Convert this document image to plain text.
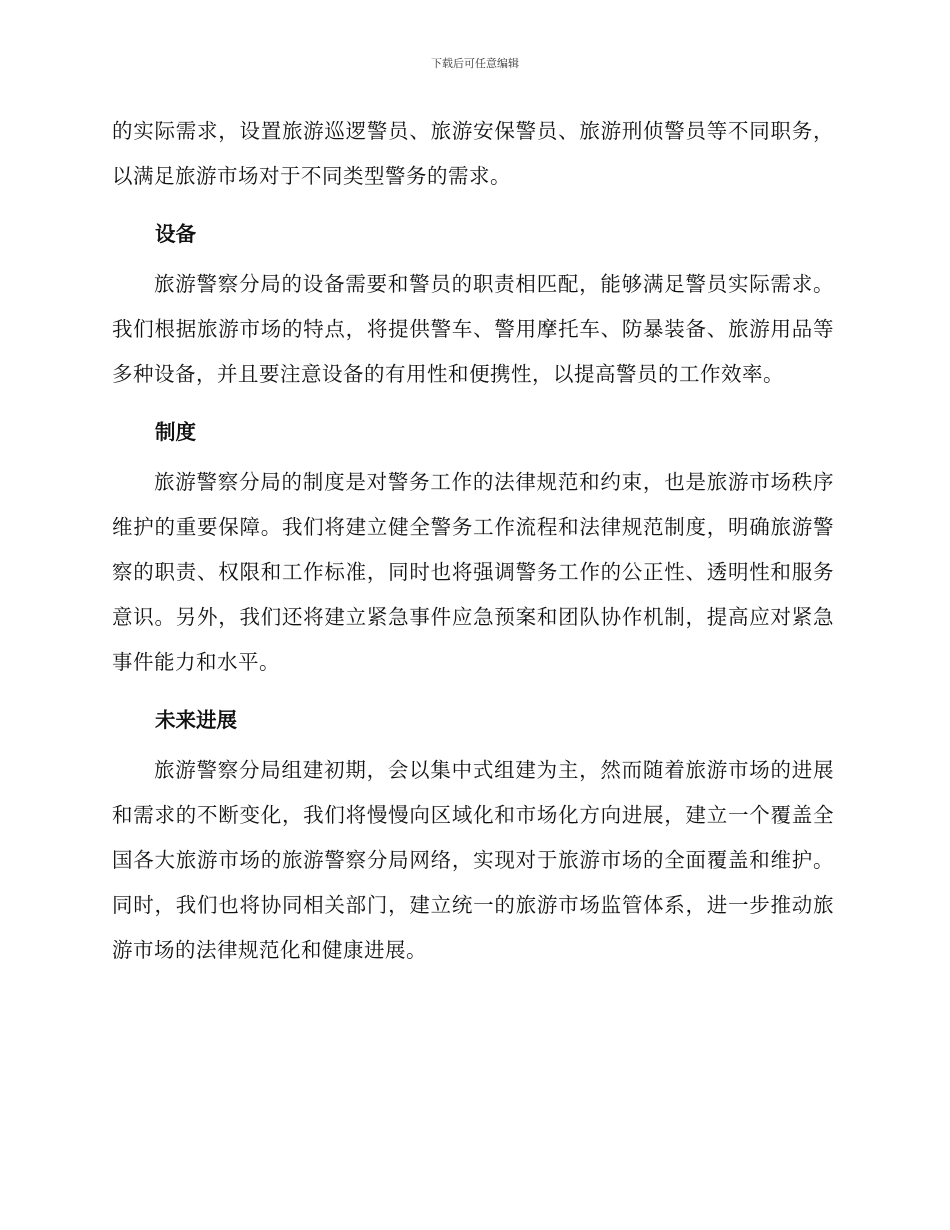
下载后可任意编辑

的实际需求，设置旅游巡逻警员、旅游安保警员、旅游刑侦警员等不同职务，以满足旅游市场对于不同类型警务的需求。

设备

旅游警察分局的设备需要和警员的职责相匹配，能够满足警员实际需求。我们根据旅游市场的特点，将提供警车、警用摩托车、防暴装备、旅游用品等多种设备，并且要注意设备的有用性和便携性，以提高警员的工作效率。

制度

旅游警察分局的制度是对警务工作的法律规范和约束，也是旅游市场秩序维护的重要保障。我们将建立健全警务工作流程和法律规范制度，明确旅游警察的职责、权限和工作标准，同时也将强调警务工作的公正性、透明性和服务意识。另外，我们还将建立紧急事件应急预案和团队协作机制，提高应对紧急事件能力和水平。

未来进展

旅游警察分局组建初期，会以集中式组建为主，然而随着旅游市场的进展和需求的不断变化，我们将慢慢向区域化和市场化方向进展，建立一个覆盖全国各大旅游市场的旅游警察分局网络，实现对于旅游市场的全面覆盖和维护。同时，我们也将协同相关部门，建立统一的旅游市场监管体系，进一步推动旅游市场的法律规范化和健康进展。
